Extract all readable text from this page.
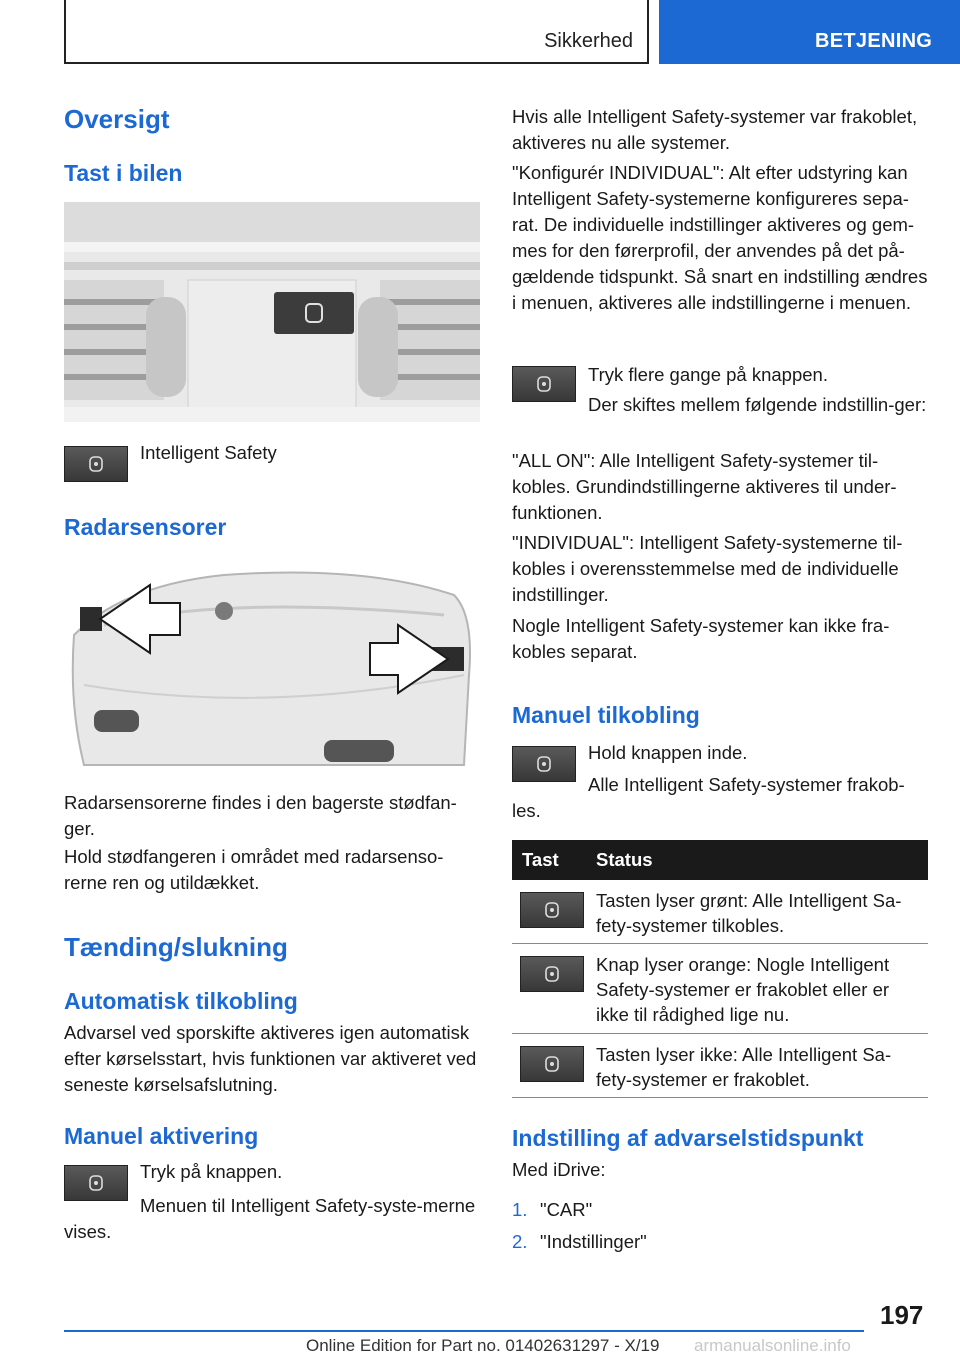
Sikkerhed	BETJENING
Oversigt
Tast i bilen
Intelligent Safety
Radarsensorer
Radarsensorerne findes i den bagerste stødfan-ger.
Hold stødfangeren i området med radarsenso-rerne ren og utildækket.
Tænding/slukning
Automatisk tilkobling
Advarsel ved sporskifte aktiveres igen automatisk efter kørselsstart, hvis funktionen var aktiveret ved seneste kørselsafslutning.
Manuel aktivering
Tryk på knappen.
Menuen til Intelligent Safety-syste-merne vises.
Hvis alle Intelligent Safety-systemer var frakoblet, aktiveres nu alle systemer.
"Konfigurér INDIVIDUAL": Alt efter udstyring kan Intelligent Safety-systemerne konfigureres sepa-rat. De individuelle indstillinger aktiveres og gem-mes for den førerprofil, der anvendes på det på-gældende tidspunkt. Så snart en indstilling ændres i menuen, aktiveres alle indstillingerne i menuen.
Tryk flere gange på knappen.
Der skiftes mellem følgende indstillin-ger:
"ALL ON": Alle Intelligent Safety-systemer til-kobles. Grundindstillingerne aktiveres til under-funktionen.
"INDIVIDUAL": Intelligent Safety-systemerne til-kobles i overensstemmelse med de individuelle indstillinger.
Nogle Intelligent Safety-systemer kan ikke fra-kobles separat.
Manuel tilkobling
Hold knappen inde.
Alle Intelligent Safety-systemer frakob-les.
Tast Status
Tasten lyser grønt: Alle Intelligent Sa-fety-systemer tilkobles.
Knap lyser orange: Nogle Intelligent Safety-systemer er frakoblet eller er ikke til rådighed lige nu.
Tasten lyser ikke: Alle Intelligent Sa-fety-systemer er frakoblet.
Indstilling af advarselstidspunkt
Med iDrive:
1. "CAR"
2. "Indstillinger"
197
Online Edition for Part no. 01402631297 - X/19 armanualsonline.info
